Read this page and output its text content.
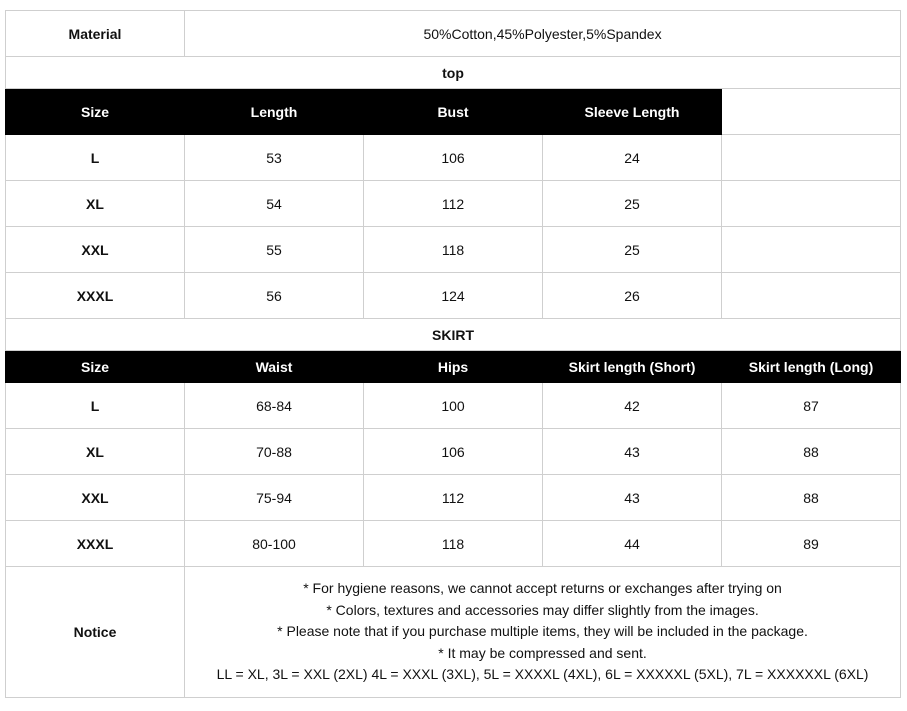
Material	50%Cotton,45%Polyester,5%Spandex			
top				
Size	Length	Bust	Sleeve Length	
L	53	106	24	
XL	54	112	25	
XXL	55	118	25	
XXXL	56	124	26	
SKIRT				
Size	Waist	Hips	Skirt length (Short)	Skirt length (Long)
L	68-84	100	42	87
XL	70-88	106	43	88
XXL	75-94	112	43	88
XXXL	80-100	118	44	89
Notice	* For hygiene reasons, we cannot accept returns or exchanges after trying on
* Colors, textures and accessories may differ slightly from the images.
* Please note that if you purchase multiple items, they will be included in the package.
* It may be compressed and sent.
LL = XL, 3L = XXL (2XL) 4L = XXXL (3XL), 5L = XXXXL (4XL), 6L = XXXXXL (5XL), 7L = XXXXXXL (6XL)			
